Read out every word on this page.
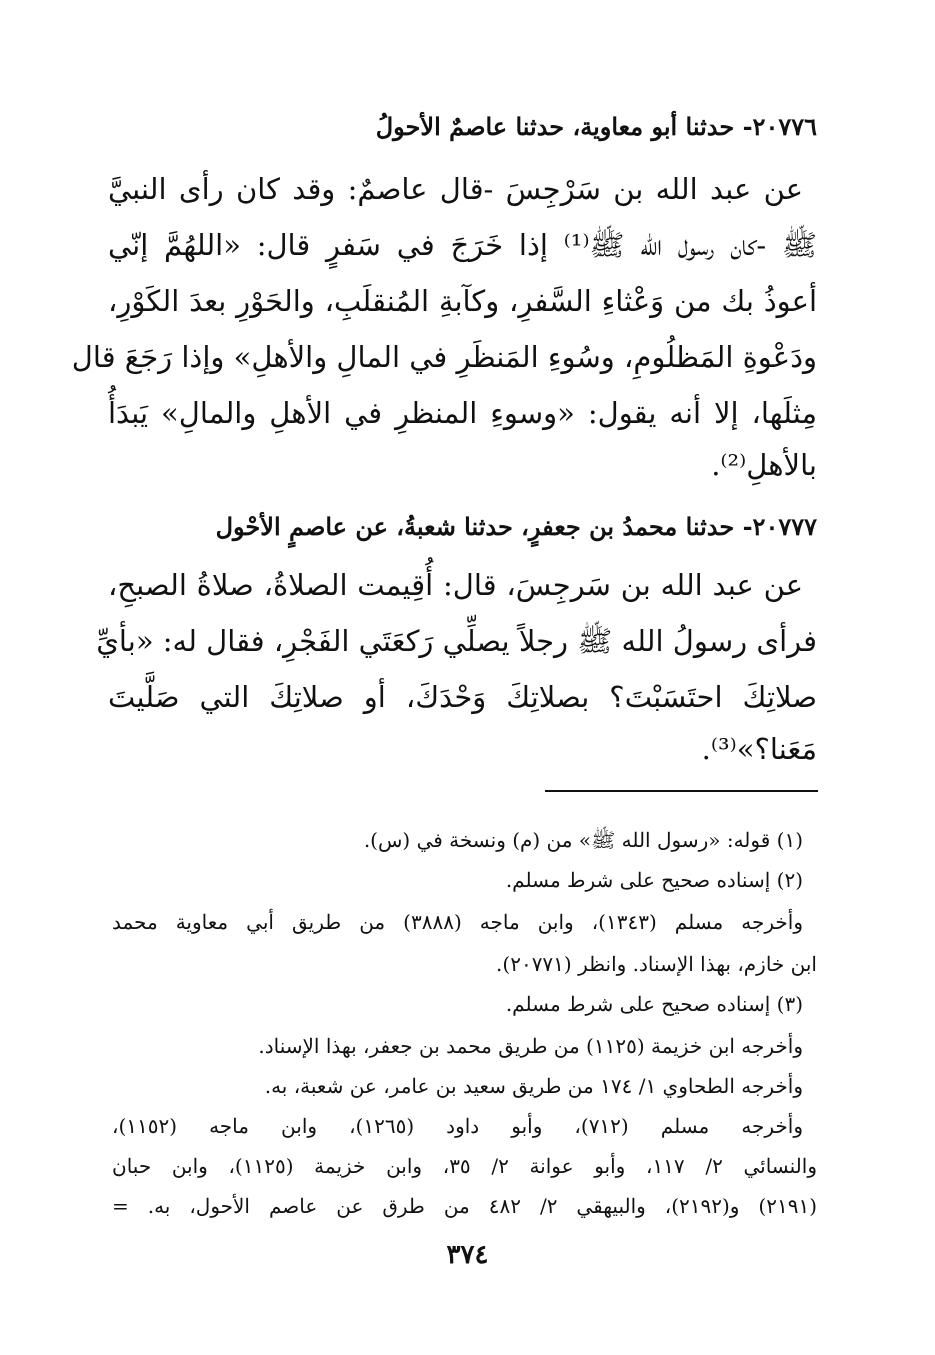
٢٠٧٧٦- حدثنا أبو معاوية، حدثنا عاصمٌ الأحولُ
عن عبد الله بن سَرْجِسَ -قال عاصمٌ: وقد كان رأى النبيَّ
ﷺ -كان رسول الله ﷺ⁽¹⁾ إذا خَرَجَ في سَفرٍ قال: «اللهُمَّ إنّي
أعوذُ بك من وَعْثاءِ السَّفرِ، وكآبةِ المُنقلَبِ، والحَوْرِ بعدَ الكَوْرِ،
ودَعْوةِ المَظلُومِ، وسُوءِ المَنظَرِ في المالِ والأهلِ» وإذا رَجَعَ قال
مِثلَها، إلا أنه يقول: «وسوءِ المنظرِ في الأهلِ والمالِ» يَبدَأُ
بالأهلِ⁽²⁾.
٢٠٧٧٧- حدثنا محمدُ بن جعفرٍ، حدثنا شعبةُ، عن عاصمٍ الأحْول
عن عبد الله بن سَرجِسَ، قال: أُقِيمت الصلاةُ، صلاةُ الصبحِ،
فرأى رسولُ الله ﷺ رجلاً يصلِّي رَكعَتَي الفَجْرِ، فقال له: «بأيِّ
صلاتِكَ احتَسَبْتَ؟ بصلاتِكَ وَحْدَكَ، أو صلاتِكَ التي صَلَّيتَ
مَعَنا؟»⁽³⁾.
(١) قوله: «رسول الله ﷺ» من (م) ونسخة في (س).
(٢) إسناده صحيح على شرط مسلم.
وأخرجه مسلم (١٣٤٣)، وابن ماجه (٣٨٨٨) من طريق أبي معاوية محمد
ابن خازم، بهذا الإسناد. وانظر (٢٠٧٧١).
(٣) إسناده صحيح على شرط مسلم.
وأخرجه ابن خزيمة (١١٢٥) من طريق محمد بن جعفر، بهذا الإسناد.
وأخرجه الطحاوي ١/ ١٧٤ من طريق سعيد بن عامر، عن شعبة، به.
وأخرجه مسلم (٧١٢)، وأبو داود (١٢٦٥)، وابن ماجه (١١٥٢)،
والنسائي ٢/ ١١٧، وأبو عوانة ٢/ ٣٥، وابن خزيمة (١١٢٥)، وابن حبان
(٢١٩١) و(٢١٩٢)، والبيهقي ٢/ ٤٨٢ من طرق عن عاصم الأحول، به. =
٣٧٤
